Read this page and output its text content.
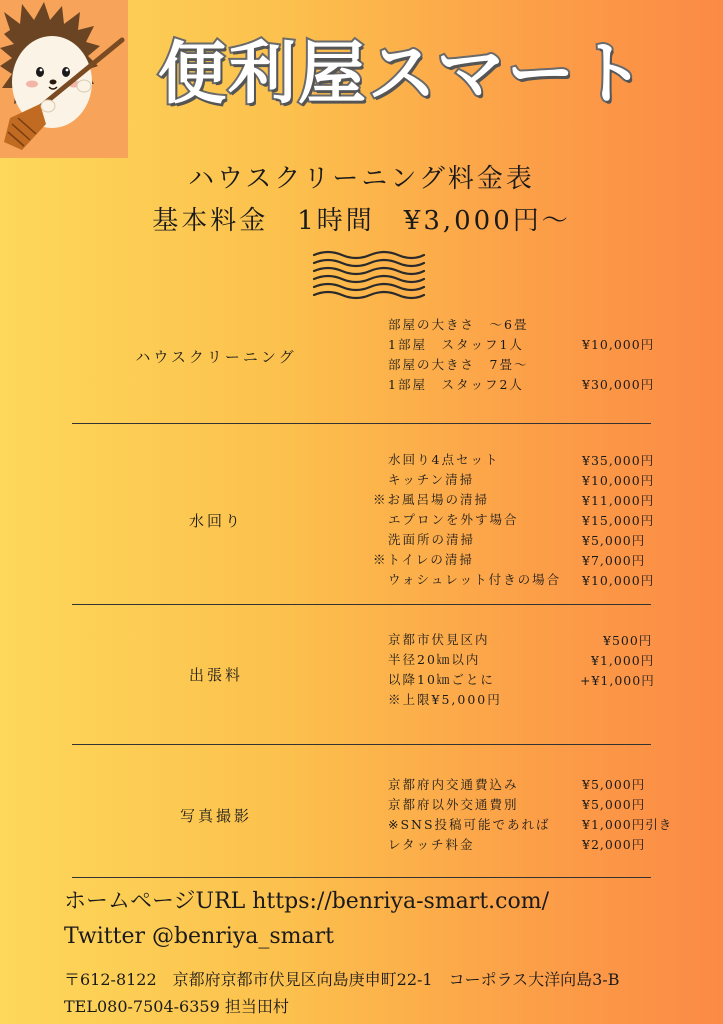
便利屋スマート
ハウスクリーニング料金表
基本料金　1時間　¥3,000円～
ハウスクリーニング
部屋の大きさ　～6畳
1部屋　スタッフ1人	¥10,000円
部屋の大きさ　7畳～
1部屋　スタッフ2人	¥30,000円
水回り
水回り4点セット	¥35,000円
キッチン清掃	¥10,000円
※お風呂場の清掃	¥11,000円
エプロンを外す場合	¥15,000円
洗面所の清掃	¥5,000円
※トイレの清掃	¥7,000円
ウォシュレット付きの場合 ¥10,000円
出張料
京都市伏見区内	¥500円
半径20㎞以内	¥1,000円
以降10㎞ごとに	+¥1,000円
※上限¥5,000円
写真撮影
京都府内交通費込み	¥5,000円
京都府以外交通費別	¥5,000円
※SNS投稿可能であれば	¥1,000円引き
レタッチ料金	¥2,000円
ホームページURL https://benriya-smart.com/
Twitter @benriya_smart
〒612-8122　京都府京都市伏見区向島庚申町22-1　コーポラス大洋向島3-B
TEL080-7504-6359 担当田村
